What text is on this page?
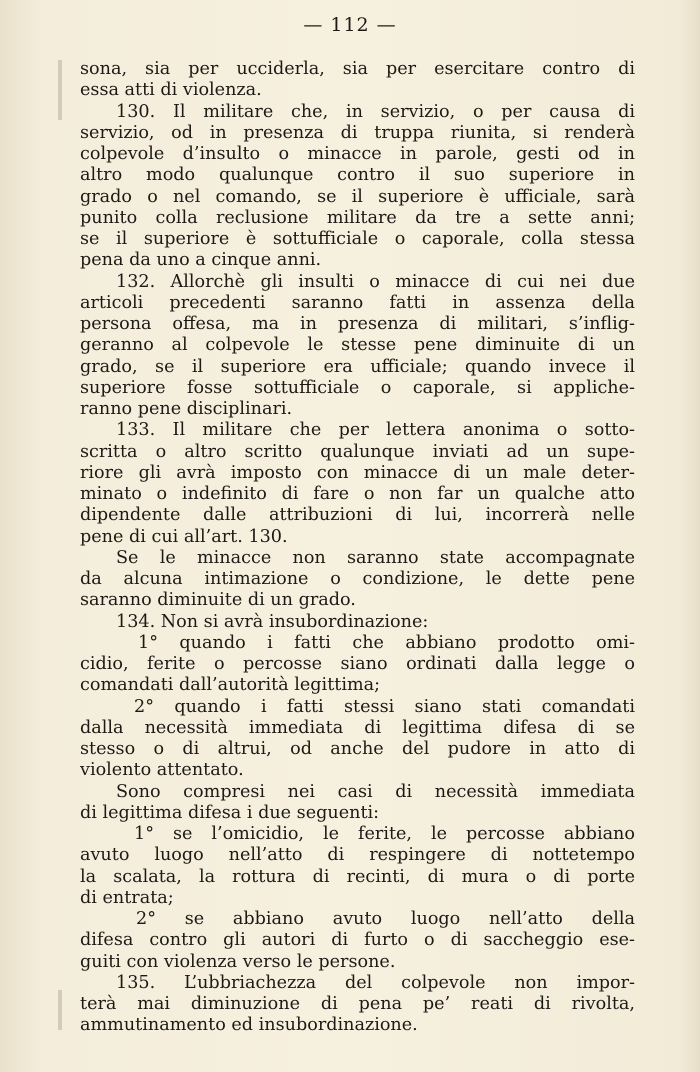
— 112 —
sona, sia per ucciderla, sia per esercitare contro di
essa atti di violenza.
130. Il militare che, in servizio, o per causa di
servizio, od in presenza di truppa riunita, si renderà
colpevole d’insulto o minacce in parole, gesti od in
altro modo qualunque contro il suo superiore in
grado o nel comando, se il superiore è ufficiale, sarà
punito colla reclusione militare da tre a sette anni;
se il superiore è sottufficiale o caporale, colla stessa
pena da uno a cinque anni.
132. Allorchè gli insulti o minacce di cui nei due
articoli precedenti saranno fatti in assenza della
persona offesa, ma in presenza di militari, s’inflig-
geranno al colpevole le stesse pene diminuite di un
grado, se il superiore era ufficiale; quando invece il
superiore fosse sottufficiale o caporale, si appliche-
ranno pene disciplinari.
133. Il militare che per lettera anonima o sotto-
scritta o altro scritto qualunque inviati ad un supe-
riore gli avrà imposto con minacce di un male deter-
minato o indefinito di fare o non far un qualche atto
dipendente dalle attribuzioni di lui, incorrerà nelle
pene di cui all’art. 130.
Se le minacce non saranno state accompagnate
da alcuna intimazione o condizione, le dette pene
saranno diminuite di un grado.
134. Non si avrà insubordinazione:
1° quando i fatti che abbiano prodotto omi-
cidio, ferite o percosse siano ordinati dalla legge o
comandati dall’autorità legittima;
2° quando i fatti stessi siano stati comandati
dalla necessità immediata di legittima difesa di se
stesso o di altrui, od anche del pudore in atto di
violento attentato.
Sono compresi nei casi di necessità immediata
di legittima difesa i due seguenti:
1° se l’omicidio, le ferite, le percosse abbiano
avuto luogo nell’atto di respingere di nottetempo
la scalata, la rottura di recinti, di mura o di porte
di entrata;
2° se abbiano avuto luogo nell’atto della
difesa contro gli autori di furto o di saccheggio ese-
guiti con violenza verso le persone.
135. L’ubbriachezza del colpevole non impor-
terà mai diminuzione di pena pe’ reati di rivolta,
ammutinamento ed insubordinazione.
